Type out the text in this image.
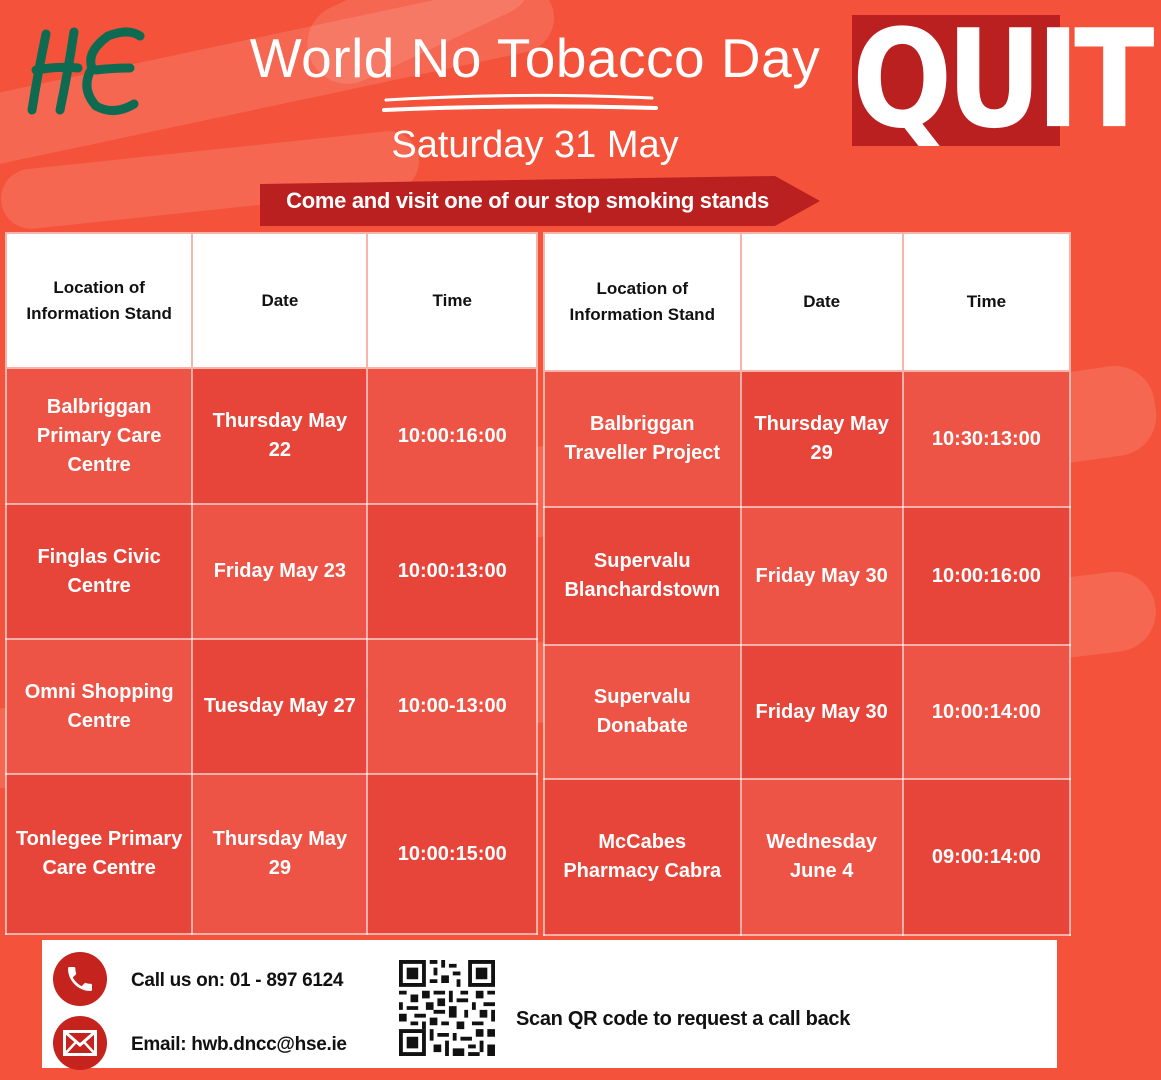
World No Tobacco Day
Saturday 31 May	QUIT
Come and visit one of our stop smoking stands
Location of Information Stand	Date	Time
Balbriggan Primary Care Centre	Thursday May 22	10:00:16:00
Finglas Civic Centre	Friday May 23	10:00:13:00
Omni Shopping Centre	Tuesday May 27	10:00-13:00
Tonlegee Primary Care Centre	Thursday May 29	10:00:15:00
Location of Information Stand	Date	Time
Balbriggan Traveller Project	Thursday May 29	10:30:13:00
Supervalu Blanchardstown	Friday May 30	10:00:16:00
Supervalu Donabate	Friday May 30	10:00:14:00
McCabes Pharmacy Cabra	Wednesday June 4	09:00:14:00
Call us on: 01 - 897 6124
Email: hwb.dncc@hse.ie
Scan QR code to request a call back
